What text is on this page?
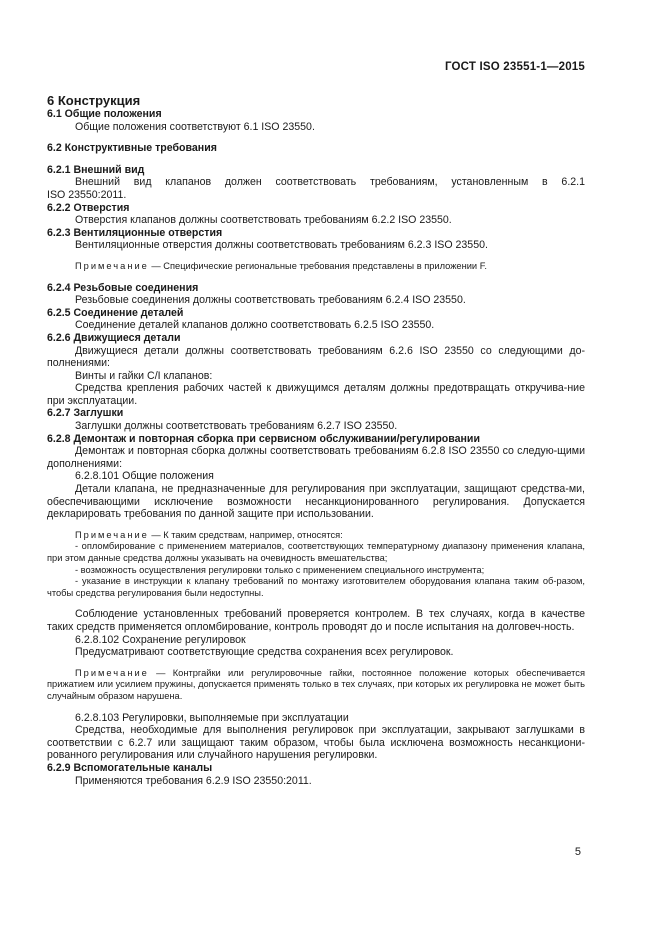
ГОСТ ISO 23551-1—2015

6 Конструкция

6.1 Общие положения

Общие положения соответствуют 6.1 ISO 23550.

6.2 Конструктивные требования

6.2.1 Внешний вид

Внешний вид клапанов должен соответствовать требованиям, установленным в 6.2.1

ISO 23550:2011.

6.2.2 Отверстия

Отверстия клапанов должны соответствовать требованиям 6.2.2 ISO 23550.

6.2.3 Вентиляционные отверстия

Вентиляционные отверстия должны соответствовать требованиям 6.2.3 ISO 23550.

Примечание — Специфические региональные требования представлены в приложении F.

6.2.4 Резьбовые соединения

Резьбовые соединения должны соответствовать требованиям 6.2.4 ISO 23550.

6.2.5 Соединение деталей

Соединение деталей клапанов должно соответствовать 6.2.5 ISO 23550.

6.2.6 Движущиеся детали

Движущиеся детали должны соответствовать требованиям 6.2.6 ISO 23550 со следующими до-полнениями:

Винты и гайки C/I клапанов:

Средства крепления рабочих частей к движущимся деталям должны предотвращать откручива-ние при эксплуатации.

6.2.7 Заглушки

Заглушки должны соответствовать требованиям 6.2.7 ISO 23550.

6.2.8 Демонтаж и повторная сборка при сервисном обслуживании/регулировании

Демонтаж и повторная сборка должны соответствовать требованиям 6.2.8 ISO 23550 со следую-щими дополнениями:

6.2.8.101 Общие положения

Детали клапана, не предназначенные для регулирования при эксплуатации, защищают средства-ми, обеспечивающими исключение возможности несанкционированного регулирования. Допускается декларировать требования по данной защите при использовании.

Примечание — К таким средствам, например, относятся:

- опломбирование с применением материалов, соответствующих температурному диапазону применения клапана, при этом данные средства должны указывать на очевидность вмешательства;

- возможность осуществления регулировки только с применением специального инструмента;

- указание в инструкции к клапану требований по монтажу изготовителем оборудования клапана таким об-разом, чтобы средства регулирования были недоступны.

Соблюдение установленных требований проверяется контролем. В тех случаях, когда в качестве таких средств применяется опломбирование, контроль проводят до и после испытания на долговеч-ность.

6.2.8.102 Сохранение регулировок

Предусматривают соответствующие средства сохранения всех регулировок.

Примечание — Контргайки или регулировочные гайки, постоянное положение которых обеспечивается прижатием или усилием пружины, допускается применять только в тех случаях, при которых их регулировка не может быть случайным образом нарушена.

6.2.8.103 Регулировки, выполняемые при эксплуатации

Средства, необходимые для выполнения регулировок при эксплуатации, закрывают заглушками в соответствии с 6.2.7 или защищают таким образом, чтобы была исключена возможность несанкциони-рованного регулирования или случайного нарушения регулировки.

6.2.9 Вспомогательные каналы

Применяются требования 6.2.9 ISO 23550:2011.

5
